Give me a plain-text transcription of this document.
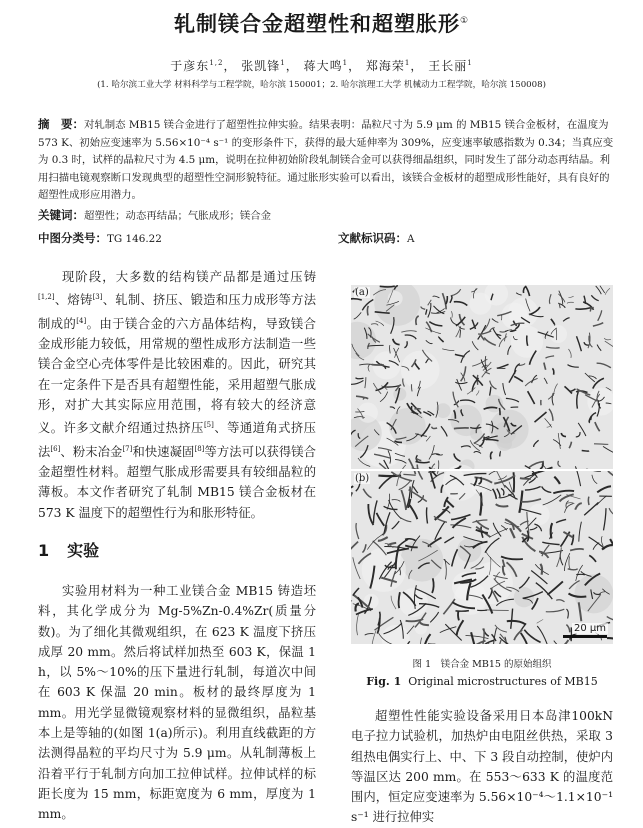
轧制镁合金超塑性和超塑胀形①
于彦东$^{1,2}$， 张凯锋$^1$， 蒋大鸣$^1$， 郑海荣$^1$， 王长丽$^1$
(1. 哈尔滨工业大学 材料科学与工程学院，哈尔滨 150001；2. 哈尔滨理工大学 机械动力工程学院，哈尔滨 150008)
摘　要：对轧制态 MB15 镁合金进行了超塑性拉伸实验。结果表明：晶粒尺寸为 5.9 μm 的 MB15 镁合金板材，在温度为 573 K、初始应变速率为 5.56×10⁻⁴ s⁻¹ 的变形条件下，获得的最大延伸率为 309%，应变速率敏感指数为 0.34；当真应变为 0.3 时，试样的晶粒尺寸为 4.5 μm，说明在拉伸初始阶段轧制镁合金可以获得细晶组织，同时发生了部分动态再结晶。利用扫描电镜观察断口发现典型的超塑性空洞形貌特征。通过胀形实验可以看出，该镁合金板材的超塑成形性能好，具有良好的超塑性成形应用潜力。
关键词：超塑性；动态再结晶；气胀成形；镁合金
中图分类号：TG 146.22	文献标识码：A
现阶段，大多数的结构镁产品都是通过压铸[1,2]、熔铸[3]、轧制、挤压、锻造和压力成形等方法制成的[4]。由于镁合金的六方晶体结构，导致镁合金成形能力较低，用常规的塑性成形方法制造一些镁合金空心壳体零件是比较困难的。因此，研究其在一定条件下是否具有超塑性能，采用超塑气胀成形，对扩大其实际应用范围，将有较大的经济意义。许多文献介绍通过热挤压[5]、等通道角式挤压法[6]、粉末冶金[7]和快速凝固[8]等方法可以获得镁合金超塑性材料。超塑气胀成形需要具有较细晶粒的薄板。本文作者研究了轧制 MB15 镁合金板材在 573 K 温度下的超塑性行为和胀形特征。
1 实验
实验用材料为一种工业镁合金 MB15 铸造坯料，其化学成分为 Mg-5%Zn-0.4%Zr(质量分数)。为了细化其微观组织，在 623 K 温度下挤压成厚 20 mm。然后将试样加热至 603 K，保温 1 h，以 5%～10%的压下量进行轧制，每道次中间在 603 K 保温 20 min。板材的最终厚度为 1 mm。用光学显微镜观察材料的显微组织，晶粒基本上是等轴的(如图 1(a)所示)。利用直线截距的方法测得晶粒的平均尺寸为 5.9 μm。从轧制薄板上沿着平行于轧制方向加工拉伸试样。拉伸试样的标距长度为 15 mm，标距宽度为 6 mm，厚度为 1 mm。
(a)
(b)
20 μm
图 1　镁合金 MB15 的原始组织
Fig. 1 Original microstructures of MB15
超塑性性能实验设备采用日本岛津100kN电子拉力试验机，加热炉由电阻丝供热，采取 3 组热电偶实行上、中、下 3 段自动控制，使炉内等温区达 200 mm。在 553～633 K 的温度范围内，恒定应变速率为 5.56×10⁻⁴～1.1×10⁻¹ s⁻¹ 进行拉伸实
